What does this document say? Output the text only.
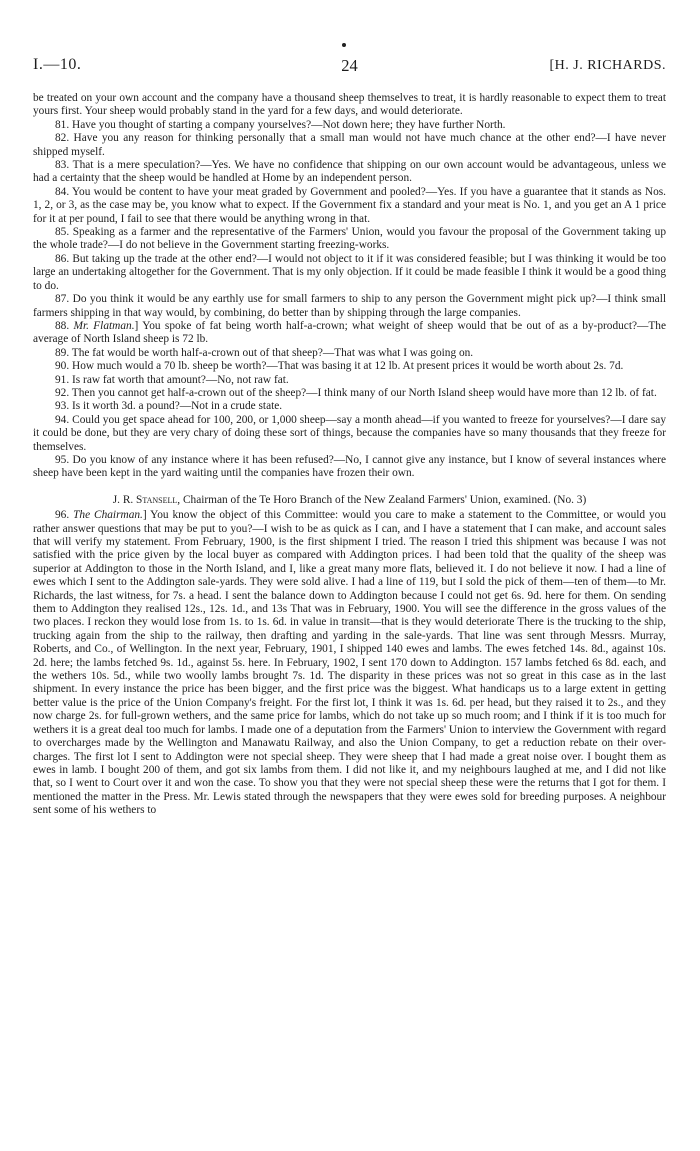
I.—10.	24	[H. J. RICHARDS.

be treated on your own account and the company have a thousand sheep themselves to treat, it is hardly reasonable to expect them to treat yours first. Your sheep would probably stand in the yard for a few days, and would deteriorate.

81. Have you thought of starting a company yourselves?—Not down here; they have further North.

82. Have you any reason for thinking personally that a small man would not have much chance at the other end?—I have never shipped myself.

83. That is a mere speculation?—Yes. We have no confidence that shipping on our own account would be advantageous, unless we had a certainty that the sheep would be handled at Home by an independent person.

84. You would be content to have your meat graded by Government and pooled?—Yes. If you have a guarantee that it stands as Nos. 1, 2, or 3, as the case may be, you know what to expect. If the Government fix a standard and your meat is No. 1, and you get an A 1 price for it at per pound, I fail to see that there would be anything wrong in that.

85. Speaking as a farmer and the representative of the Farmers' Union, would you favour the proposal of the Government taking up the whole trade?—I do not believe in the Government starting freezing-works.

86. But taking up the trade at the other end?—I would not object to it if it was considered feasible; but I was thinking it would be too large an undertaking altogether for the Government. That is my only objection. If it could be made feasible I think it would be a good thing to do.

87. Do you think it would be any earthly use for small farmers to ship to any person the Government might pick up?—I think small farmers shipping in that way would, by combining, do better than by shipping through the large companies.

88. Mr. Flatman.] You spoke of fat being worth half-a-crown; what weight of sheep would that be out of as a by-product?—The average of North Island sheep is 72 lb.

89. The fat would be worth half-a-crown out of that sheep?—That was what I was going on.

90. How much would a 70 lb. sheep be worth?—That was basing it at 12 lb. At present prices it would be worth about 2s. 7d.

91. Is raw fat worth that amount?—No, not raw fat.

92. Then you cannot get half-a-crown out of the sheep?—I think many of our North Island sheep would have more than 12 lb. of fat.

93. Is it worth 3d. a pound?—Not in a crude state.

94. Could you get space ahead for 100, 200, or 1,000 sheep—say a month ahead—if you wanted to freeze for yourselves?—I dare say it could be done, but they are very chary of doing these sort of things, because the companies have so many thousands that they freeze for themselves.

95. Do you know of any instance where it has been refused?—No, I cannot give any instance, but I know of several instances where sheep have been kept in the yard waiting until the companies have frozen their own.

J. R. Stansell, Chairman of the Te Horo Branch of the New Zealand Farmers' Union, examined. (No. 3)

96. The Chairman.] You know the object of this Committee: would you care to make a statement to the Committee, or would you rather answer questions that may be put to you?—I wish to be as quick as I can, and I have a statement that I can make, and account sales that will verify my statement. From February, 1900, is the first shipment I tried. The reason I tried this shipment was because I was not satisfied with the price given by the local buyer as compared with Addington prices. I had been told that the quality of the sheep was superior at Addington to those in the North Island, and I, like a great many more flats, believed it. I do not believe it now. I had a line of ewes which I sent to the Addington sale-yards. They were sold alive. I had a line of 119, but I sold the pick of them—ten of them—to Mr. Richards, the last witness, for 7s. a head. I sent the balance down to Addington because I could not get 6s. 9d. here for them. On sending them to Addington they realised 12s., 12s. 1d., and 13s That was in February, 1900. You will see the difference in the gross values of the two places. I reckon they would lose from 1s. to 1s. 6d. in value in transit—that is they would deteriorate There is the trucking to the ship, trucking again from the ship to the railway, then drafting and yarding in the sale-yards. That line was sent through Messrs. Murray, Roberts, and Co., of Wellington. In the next year, February, 1901, I shipped 140 ewes and lambs. The ewes fetched 14s. 8d., against 10s. 2d. here; the lambs fetched 9s. 1d., against 5s. here. In February, 1902, I sent 170 down to Addington. 157 lambs fetched 6s 8d. each, and the wethers 10s. 5d., while two woolly lambs brought 7s. 1d. The disparity in these prices was not so great in this case as in the last shipment. In every instance the price has been bigger, and the first price was the biggest. What handicaps us to a large extent in getting better value is the price of the Union Company's freight. For the first lot, I think it was 1s. 6d. per head, but they raised it to 2s., and they now charge 2s. for full-grown wethers, and the same price for lambs, which do not take up so much room; and I think if it is too much for wethers it is a great deal too much for lambs. I made one of a deputation from the Farmers' Union to interview the Government with regard to overcharges made by the Wellington and Manawatu Railway, and also the Union Company, to get a reduction rebate on their over-charges. The first lot I sent to Addington were not special sheep. They were sheep that I had made a great noise over. I bought them as ewes in lamb. I bought 200 of them, and got six lambs from them. I did not like it, and my neighbours laughed at me, and I did not like that, so I went to Court over it and won the case. To show you that they were not special sheep these were the returns that I got for them. I mentioned the matter in the Press. Mr. Lewis stated through the newspapers that they were ewes sold for breeding purposes. A neighbour sent some of his wethers to
